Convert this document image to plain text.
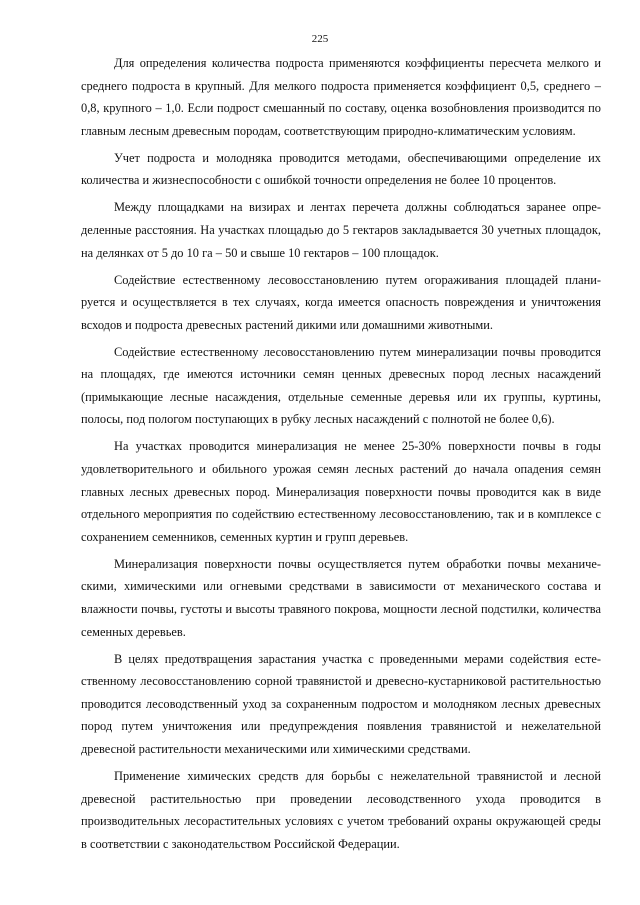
225

Для определения количества подроста применяются коэффициенты пересчета мелкого и среднего подроста в крупный. Для мелкого подроста применяется коэффициент 0,5, среднего – 0,8, крупного – 1,0. Если подрост смешанный по составу, оценка возобновления производится по главным лесным древесным породам, соответствующим природно-климатическим условиям.

Учет подроста и молодняка проводится методами, обеспечивающими определение их количества и жизнеспособности с ошибкой точности определения не более 10 процентов.

Между площадками на визирах и лентах перечета должны соблюдаться заранее определенные расстояния. На участках площадью до 5 гектаров закладывается 30 учетных площадок, на делянках от 5 до 10 га – 50 и свыше 10 гектаров – 100 площадок.

Содействие естественному лесовосстановлению путем огораживания площадей планируется и осуществляется в тех случаях, когда имеется опасность повреждения и уничтожения всходов и подроста древесных растений дикими или домашними животными.

Содействие естественному лесовосстановлению путем минерализации почвы проводится на площадях, где имеются источники семян ценных древесных пород лесных насаждений (примыкающие лесные насаждения, отдельные семенные деревья или их группы, куртины, полосы, под пологом поступающих в рубку лесных насаждений с полнотой не более 0,6).

На участках проводится минерализация не менее 25-30% поверхности почвы в годы удовлетворительного и обильного урожая семян лесных растений до начала опадения семян главных лесных древесных пород. Минерализация поверхности почвы проводится как в виде отдельного мероприятия по содействию естественному лесовосстановлению, так и в комплексе с сохранением семенников, семенных куртин и групп деревьев.

Минерализация поверхности почвы осуществляется путем обработки почвы механическими, химическими или огневыми средствами в зависимости от механического состава и влажности почвы, густоты и высоты травяного покрова, мощности лесной подстилки, количества семенных деревьев.

В целях предотвращения зарастания участка с проведенными мерами содействия естественному лесовосстановлению сорной травянистой и древесно-кустарниковой растительностью проводится лесоводственный уход за сохраненным подростом и молодняком лесных древесных пород путем уничтожения или предупреждения появления травянистой и нежелательной древесной растительности механическими или химическими средствами.

Применение химических средств для борьбы с нежелательной травянистой и лесной древесной растительностью при проведении лесоводственного ухода проводится в производительных лесорастительных условиях с учетом требований охраны окружающей среды в соответствии с законодательством Российской Федерации.
